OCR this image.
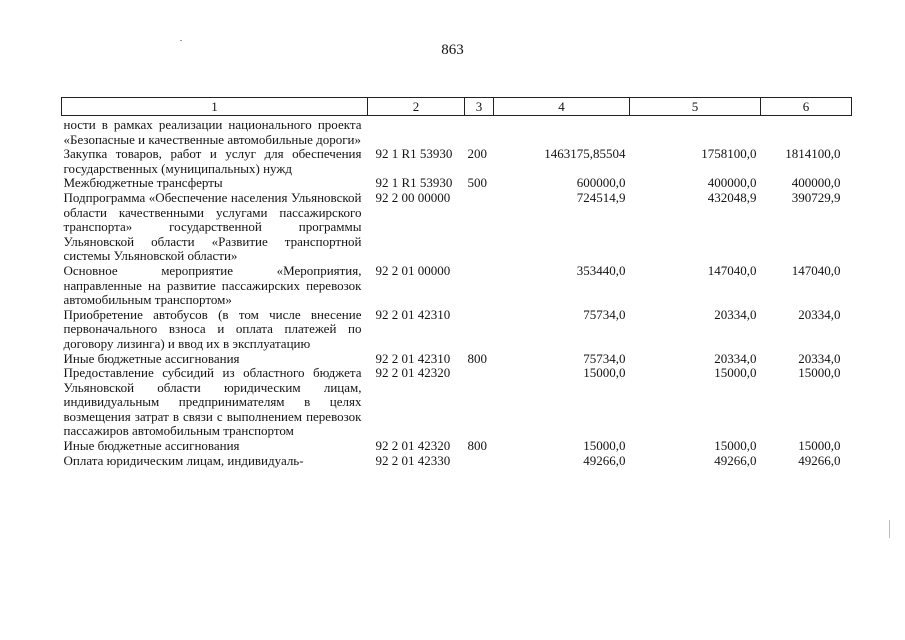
863
1	2	3	4	5	6
ности в рамках реализации национального проекта «Безопасные и качественные автомобильные дороги»					
Закупка товаров, работ и услуг для обеспечения государственных (муниципальных) нужд	92 1 R1 53930	200	1463175,85504	1758100,0	1814100,0
Межбюджетные трансферты	92 1 R1 53930	500	600000,0	400000,0	400000,0
Подпрограмма «Обеспечение населения Ульяновской области качественными услугами пассажирского транспорта» государственной программы Ульяновской области «Развитие транспортной системы Ульяновской области»	92 2 00 00000		724514,9	432048,9	390729,9
Основное мероприятие «Мероприятия, направленные на развитие пассажирских перевозок автомобильным транспортом»	92 2 01 00000		353440,0	147040,0	147040,0
Приобретение автобусов (в том числе внесение первоначального взноса и оплата платежей по договору лизинга) и ввод их в эксплуатацию	92 2 01 42310		75734,0	20334,0	20334,0
Иные бюджетные ассигнования	92 2 01 42310	800	75734,0	20334,0	20334,0
Предоставление субсидий из областного бюджета Ульяновской области юридическим лицам, индивидуальным предпринимателям в целях возмещения затрат в связи с выполнением перевозок пассажиров автомобильным транспортом	92 2 01 42320		15000,0	15000,0	15000,0
Иные бюджетные ассигнования	92 2 01 42320	800	15000,0	15000,0	15000,0
Оплата юридическим лицам, индивидуаль-	92 2 01 42330		49266,0	49266,0	49266,0
